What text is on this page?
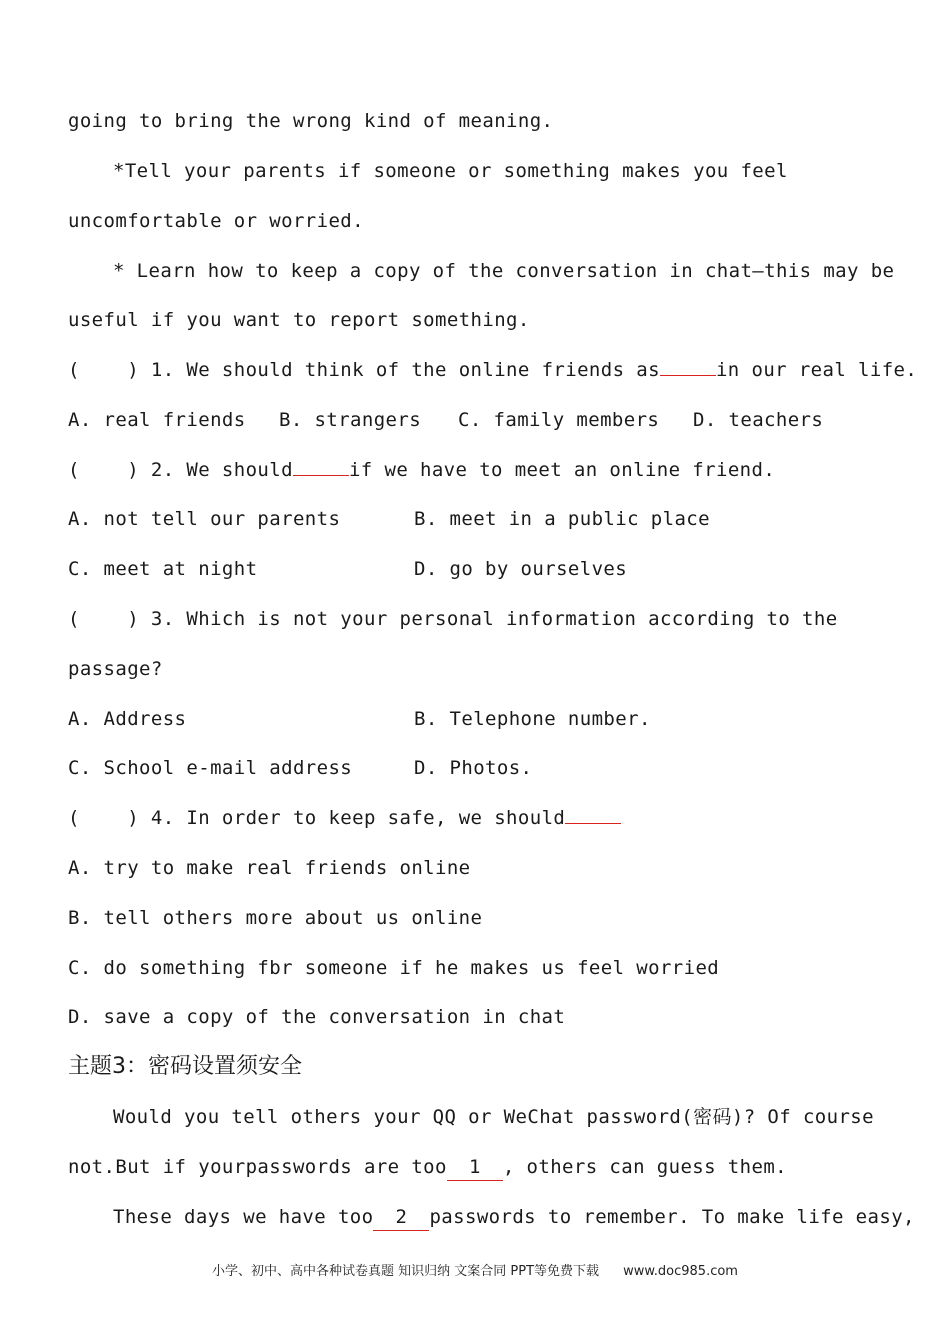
going to bring the wrong kind of meaning.
*Tell your parents if someone or something makes you feel
uncomfortable or worried.
* Learn how to keep a copy of the conversation in chat—this may be
useful if you want to report something.
(    ) 1. We should think of the online friends as	in our real life.
A. real friends B. strangers C. family members D. teachers
(    ) 2. We should	if we have to meet an online friend.
A. not tell our parents	B. meet in a public place
C. meet at night	D. go by ourselves
(    ) 3. Which is not your personal information according to the
passage?
A. Address	B. Telephone number.
C. School e-mail address	D. Photos.
(    ) 4. In order to keep safe, we should
A. try to make real friends online
B. tell others more about us online
C. do something fbr someone if he makes us feel worried
D. save a copy of the conversation in chat
主题3：密码设置须安全
Would you tell others your QQ or WeChat password(密码)? Of course
not.But if yourpasswords are too 1 , others can guess them.
These days we have too 2 passwords to remember. To make life easy,
小学、初中、高中各种试卷真题 知识归纳 文案合同 PPT等免费下载 www.doc985.com
